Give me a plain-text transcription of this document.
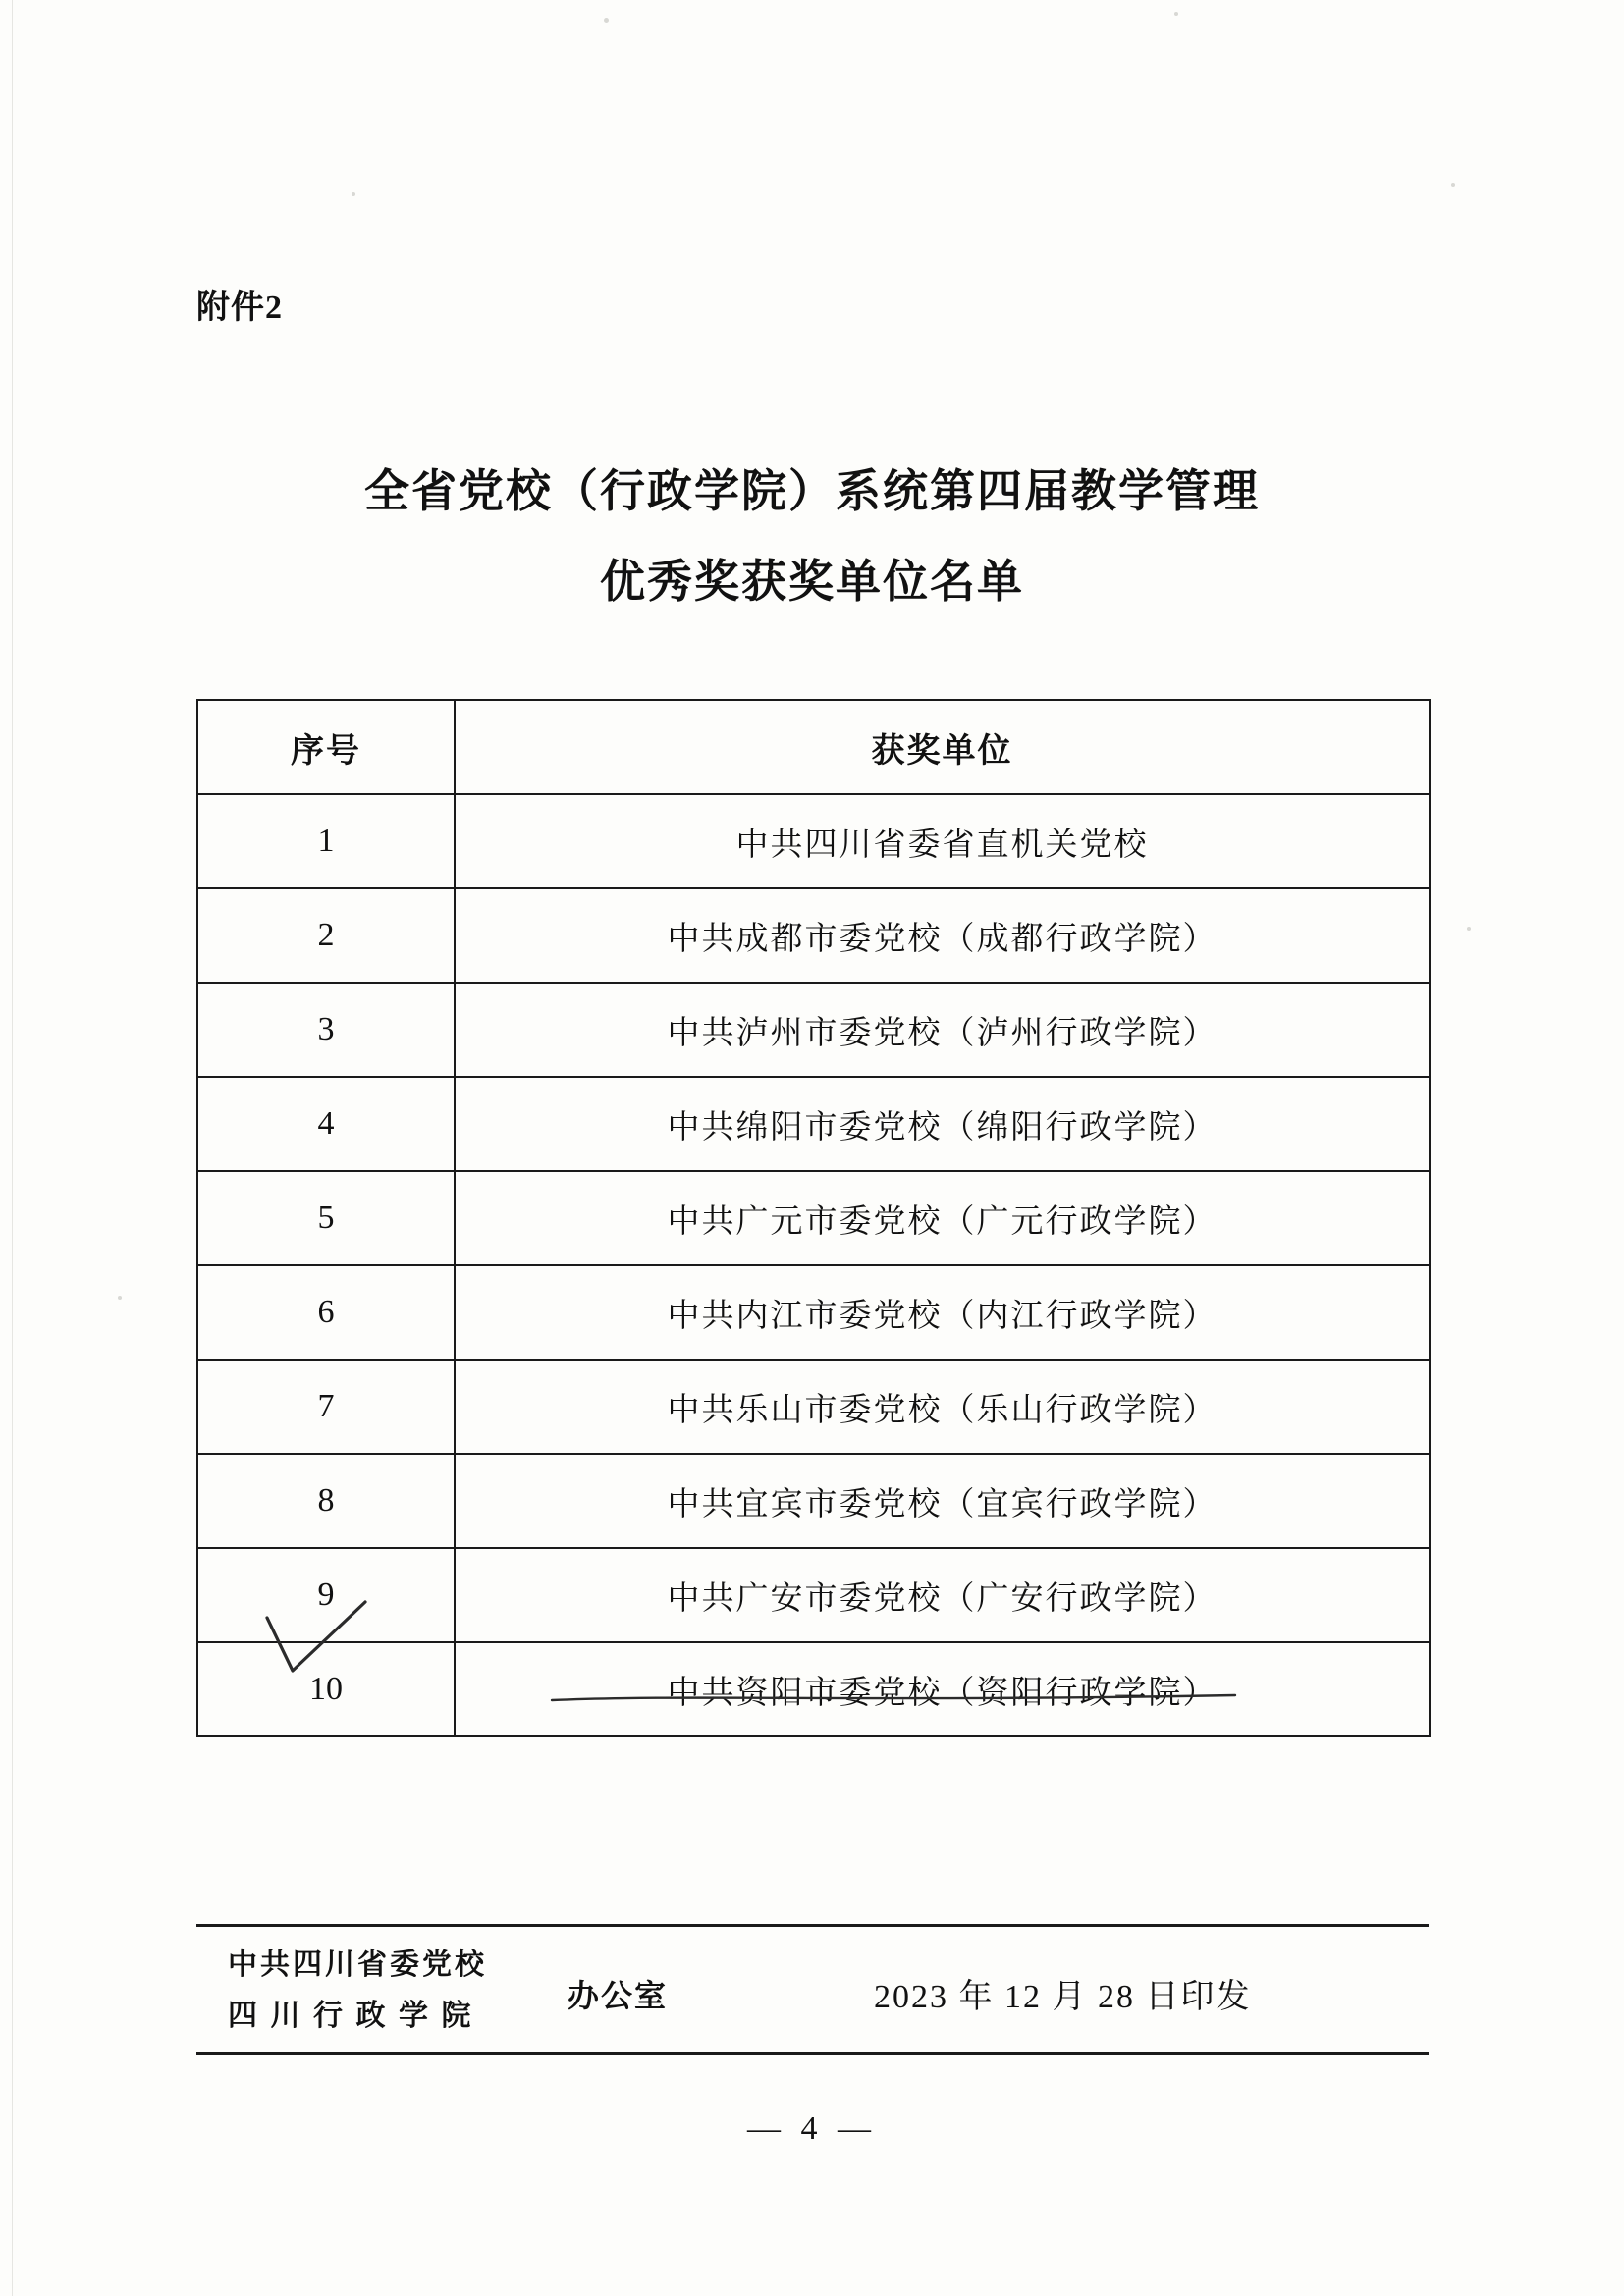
附件2
全省党校（行政学院）系统第四届教学管理
优秀奖获奖单位名单
序号	获奖单位
1	中共四川省委省直机关党校
2	中共成都市委党校（成都行政学院）
3	中共泸州市委党校（泸州行政学院）
4	中共绵阳市委党校（绵阳行政学院）
5	中共广元市委党校（广元行政学院）
6	中共内江市委党校（内江行政学院）
7	中共乐山市委党校（乐山行政学院）
8	中共宜宾市委党校（宜宾行政学院）
9	中共广安市委党校（广安行政学院）
10	中共资阳市委党校（资阳行政学院）
中共四川省委党校
四 川 行 政 学 院
办公室	2023 年 12 月 28 日印发
— 4 —
